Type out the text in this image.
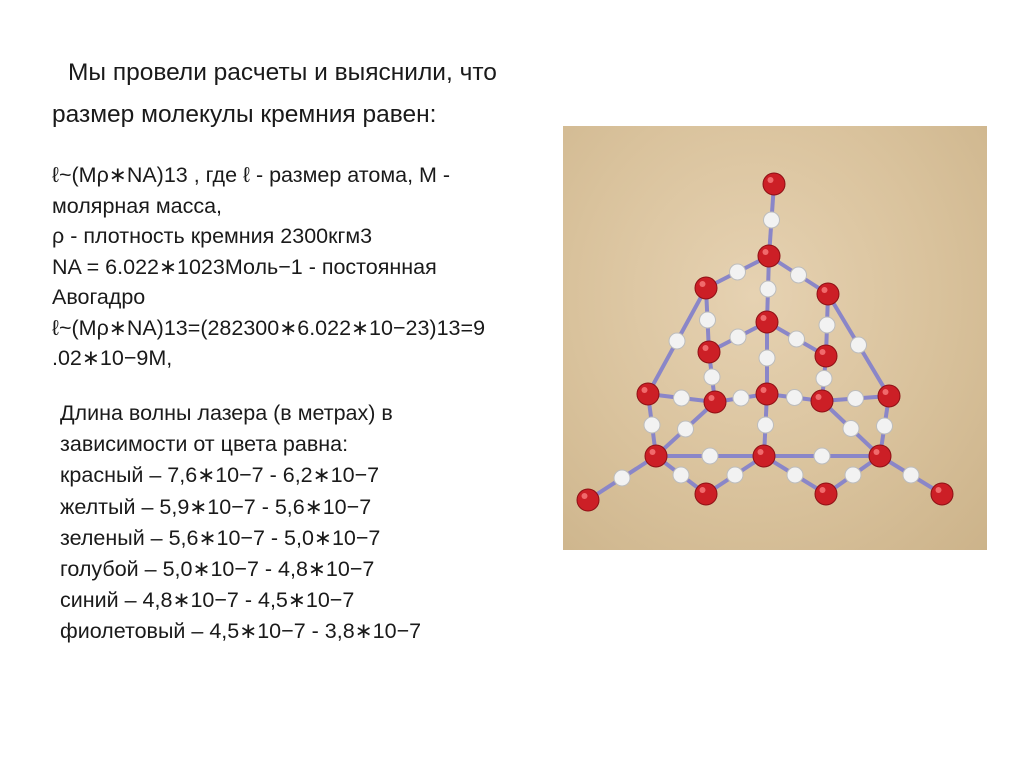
Мы провели расчеты и выяснили, что
размер молекулы кремния равен:
ℓ~(Mρ∗NA)13 , где ℓ - размер атома, M -
молярная масса,
ρ - плотность кремния 2300кгм3
NA = 6.022∗1023Моль−1 - постоянная
Авогадро
ℓ~(Mρ∗NA)13=(282300∗6.022∗10−23)13=9
.02∗10−9M,
Длина волны лазера (в метрах) в
зависимости от цвета равна:
красный – 7,6∗10−7 - 6,2∗10−7
желтый – 5,9∗10−7 - 5,6∗10−7
зеленый – 5,6∗10−7 - 5,0∗10−7
голубой – 5,0∗10−7 - 4,8∗10−7
синий – 4,8∗10−7 - 4,5∗10−7
фиолетовый – 4,5∗10−7 - 3,8∗10−7
